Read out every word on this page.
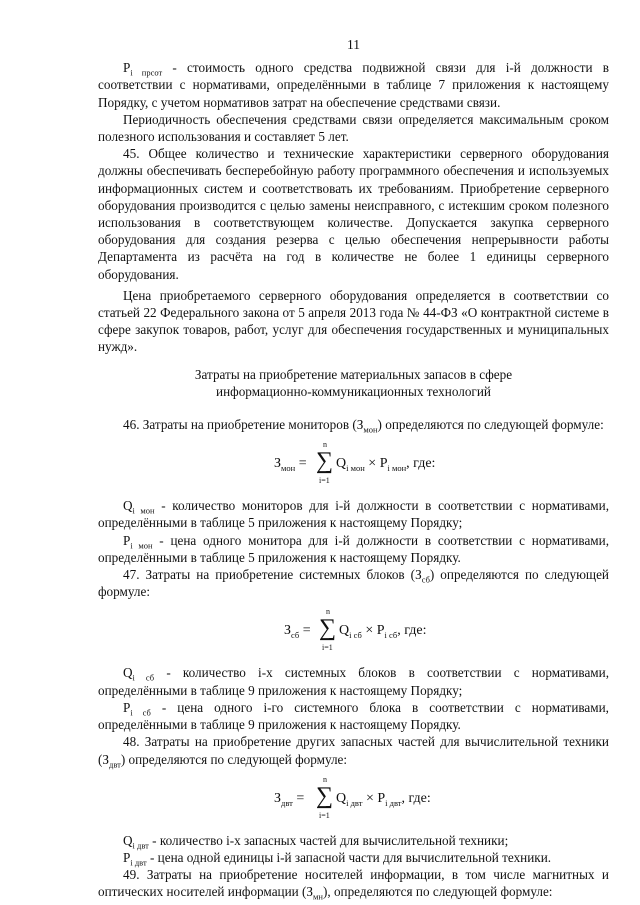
11

$P_{i прсот}$ - стоимость одного средства подвижной связи для i-й должности в соответствии с нормативами, определёнными в таблице 7 приложения к настоящему Порядку, с учетом нормативов затрат на обеспечение средствами связи.

Периодичность обеспечения средствами связи определяется максимальным сроком полезного использования и составляет 5 лет.

45. Общее количество и технические характеристики серверного оборудования должны обеспечивать бесперебойную работу программного обеспечения и используемых информационных систем и соответствовать их требованиям. Приобретение серверного оборудования производится с целью замены неисправного, с истекшим сроком полезного использования в соответствующем количестве. Допускается закупка серверного оборудования для создания резерва с целью обеспечения непрерывности работы Департамента из расчёта на год в количестве не более 1 единицы серверного оборудования.

Цена приобретаемого серверного оборудования определяется в соответствии со статьей 22 Федерального закона от 5 апреля 2013 года № 44-ФЗ «О контрактной системе в сфере закупок товаров, работ, услуг для обеспечения государственных и муниципальных нужд».

Затраты на приобретение материальных запасов в сфере
информационно-коммуникационных технологий

46. Затраты на приобретение мониторов $(З_{мон})$ определяются по следующей формуле:

$З_{мон}$ =
n
∑
i=1
$Q_{i мон} \times P_{i мон}$, где:

$Q_{i мон}$ - количество мониторов для i-й должности в соответствии с нормативами, определёнными в таблице 5 приложения к настоящему Порядку;

$P_{i мон}$ - цена одного монитора для i-й должности в соответствии с нормативами, определёнными в таблице 5 приложения к настоящему Порядку.

47. Затраты на приобретение системных блоков $(З_{сб})$ определяются по следующей формуле:

$З_{сб}$ =
n
∑
i=1
$Q_{i сб} \times P_{i сб}$, где:

$Q_{i сб}$ - количество i-х системных блоков в соответствии с нормативами, определёнными в таблице 9 приложения к настоящему Порядку;

$P_{i сб}$ - цена одного i-го системного блока в соответствии с нормативами, определёнными в таблице 9 приложения к настоящему Порядку.

48. Затраты на приобретение других запасных частей для вычислительной техники $(З_{двт})$ определяются по следующей формуле:

$З_{двт}$ =
n
∑
i=1
$Q_{i двт} \times P_{i двт}$, где:

$Q_{i двт}$ - количество i-х запасных частей для вычислительной техники;

$P_{i двт}$ - цена одной единицы i-й запасной части для вычислительной техники.

49. Затраты на приобретение носителей информации, в том числе магнитных и оптических носителей информации $(З_{мн})$, определяются по следующей формуле:
